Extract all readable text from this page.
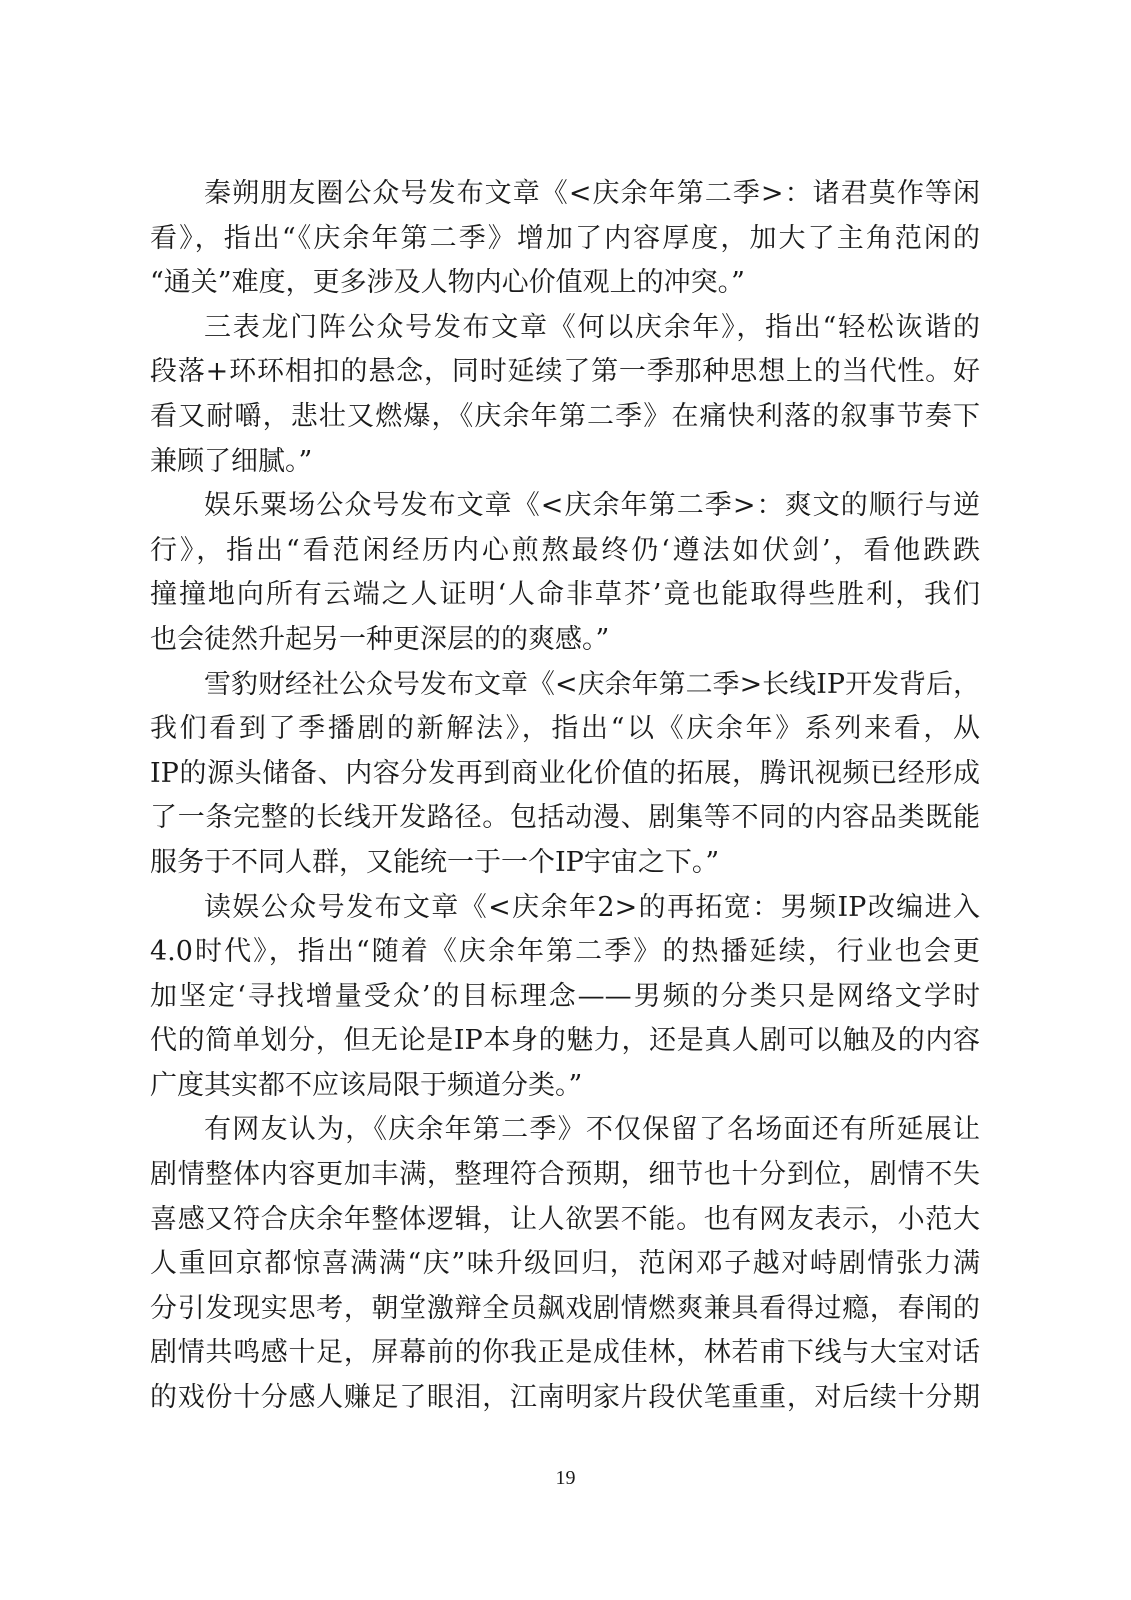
秦朔朋友圈公众号发布文章《<庆余年第二季>：诸君莫作等闲
看》，指出“《庆余年第二季》增加了内容厚度，加大了主角范闲的
“通关”难度，更多涉及人物内心价值观上的冲突。”
三表龙门阵公众号发布文章《何以庆余年》，指出“轻松诙谐的
段落+环环相扣的悬念，同时延续了第一季那种思想上的当代性。好
看又耐嚼，悲壮又燃爆，《庆余年第二季》在痛快利落的叙事节奏下
兼顾了细腻。”
娱乐粟场公众号发布文章《<庆余年第二季>：爽文的顺行与逆
行》，指出“看范闲经历内心煎熬最终仍‘遵法如伏剑’，看他跌跌
撞撞地向所有云端之人证明‘人命非草芥’竟也能取得些胜利，我们
也会徒然升起另一种更深层的的爽感。”
雪豹财经社公众号发布文章《<庆余年第二季>长线IP开发背后，
我们看到了季播剧的新解法》，指出“以《庆余年》系列来看，从
IP的源头储备、内容分发再到商业化价值的拓展，腾讯视频已经形成
了一条完整的长线开发路径。包括动漫、剧集等不同的内容品类既能
服务于不同人群，又能统一于一个IP宇宙之下。”
读娱公众号发布文章《<庆余年2>的再拓宽：男频IP改编进入
4.0时代》，指出“随着《庆余年第二季》的热播延续，行业也会更
加坚定‘寻找增量受众’的目标理念——男频的分类只是网络文学时
代的简单划分，但无论是IP本身的魅力，还是真人剧可以触及的内容
广度其实都不应该局限于频道分类。”
有网友认为，《庆余年第二季》不仅保留了名场面还有所延展让
剧情整体内容更加丰满，整理符合预期，细节也十分到位，剧情不失
喜感又符合庆余年整体逻辑，让人欲罢不能。也有网友表示，小范大
人重回京都惊喜满满“庆”味升级回归，范闲邓子越对峙剧情张力满
分引发现实思考，朝堂激辩全员飙戏剧情燃爽兼具看得过瘾，春闱的
剧情共鸣感十足，屏幕前的你我正是成佳林，林若甫下线与大宝对话
的戏份十分感人赚足了眼泪，江南明家片段伏笔重重，对后续十分期
19
